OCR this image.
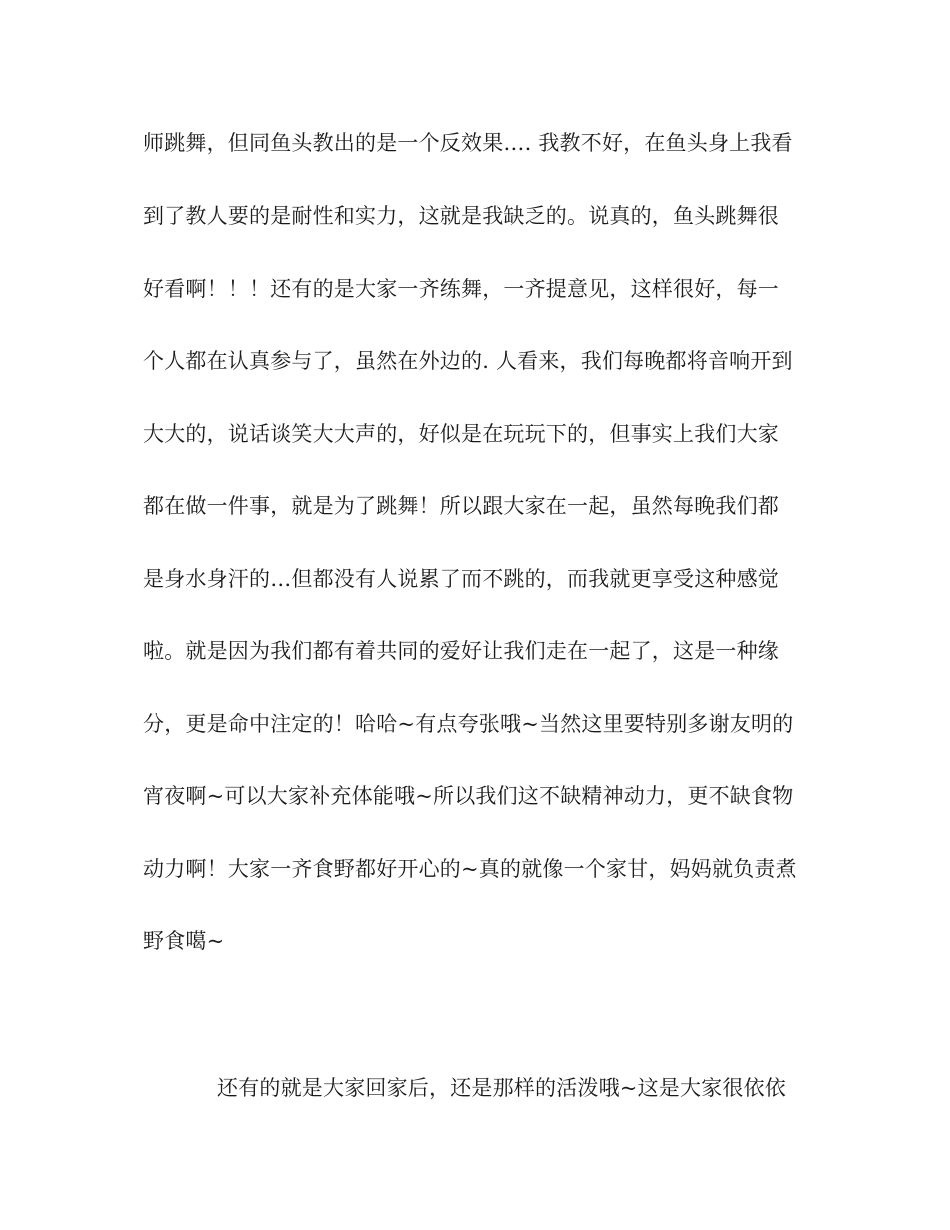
师跳舞，但同鱼头教出的是一个反效果…. 我教不好，在鱼头身上我看
到了教人要的是耐性和实力，这就是我缺乏的。说真的，鱼头跳舞很
好看啊！！！还有的是大家一齐练舞，一齐提意见，这样很好，每一
个人都在认真参与了，虽然在外边的. 人看来，我们每晚都将音响开到
大大的，说话谈笑大大声的，好似是在玩玩下的，但事实上我们大家
都在做一件事，就是为了跳舞！所以跟大家在一起，虽然每晚我们都
是身水身汗的…但都没有人说累了而不跳的，而我就更享受这种感觉
啦。就是因为我们都有着共同的爱好让我们走在一起了，这是一种缘
分，更是命中注定的！哈哈~有点夸张哦~当然这里要特别多谢友明的
宵夜啊~可以大家补充体能哦~所以我们这不缺精神动力，更不缺食物
动力啊！大家一齐食野都好开心的~真的就像一个家甘，妈妈就负责煮
野食噶~
还有的就是大家回家后，还是那样的活泼哦~这是大家很依依
